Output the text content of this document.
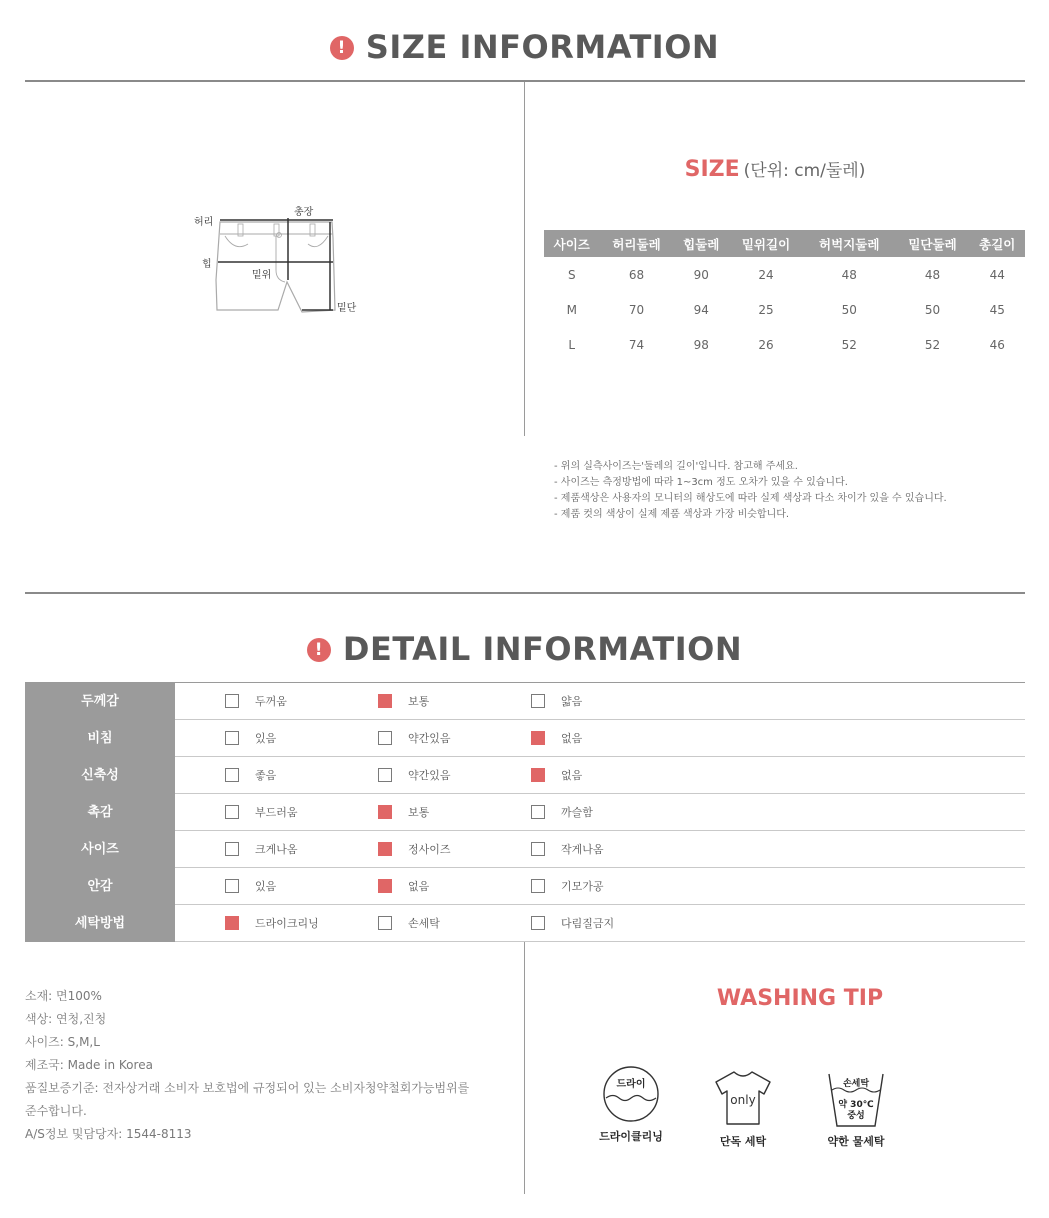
! SIZE INFORMATION
허리
총장
힙
밑위
밑단
SIZE (단위: cm/둘레)
사이즈	허리둘레	힙둘레	밑위길이	허벅지둘레	밑단둘레	총길이
S	68	90	24	48	48	44
M	70	94	25	50	50	45
L	74	98	26	52	52	46
- 위의 실측사이즈는'둘레의 길이'입니다. 참고해 주세요.
- 사이즈는 측정방법에 따라 1~3cm 정도 오차가 있을 수 있습니다.
- 제품색상은 사용자의 모니터의 해상도에 따라 실제 색상과 다소 차이가 있을 수 있습니다.
- 제품 컷의 색상이 실제 제품 색상과 가장 비슷합니다.
! DETAIL INFORMATION
두께감	두꺼움	보통	얇음
비침	있음	약간있음	없음
신축성	좋음	약간있음	없음
촉감	부드러움	보통	까슬함
사이즈	크게나옴	정사이즈	작게나옴
안감	있음	없음	기모가공
세탁방법	드라이크리닝	손세탁	다림질금지
소재: 면100%
색상: 연청,진청
사이즈: S,M,L
제조국: Made in Korea
품질보증기준: 전자상거래 소비자 보호법에 규정되어 있는 소비자청약철회가능범위를
준수합니다.
A/S정보 및담당자: 1544-8113
WASHING TIP
드라이
드라이클리닝
only
단독 세탁
손세탁
약 30℃
중성
약한 물세탁
